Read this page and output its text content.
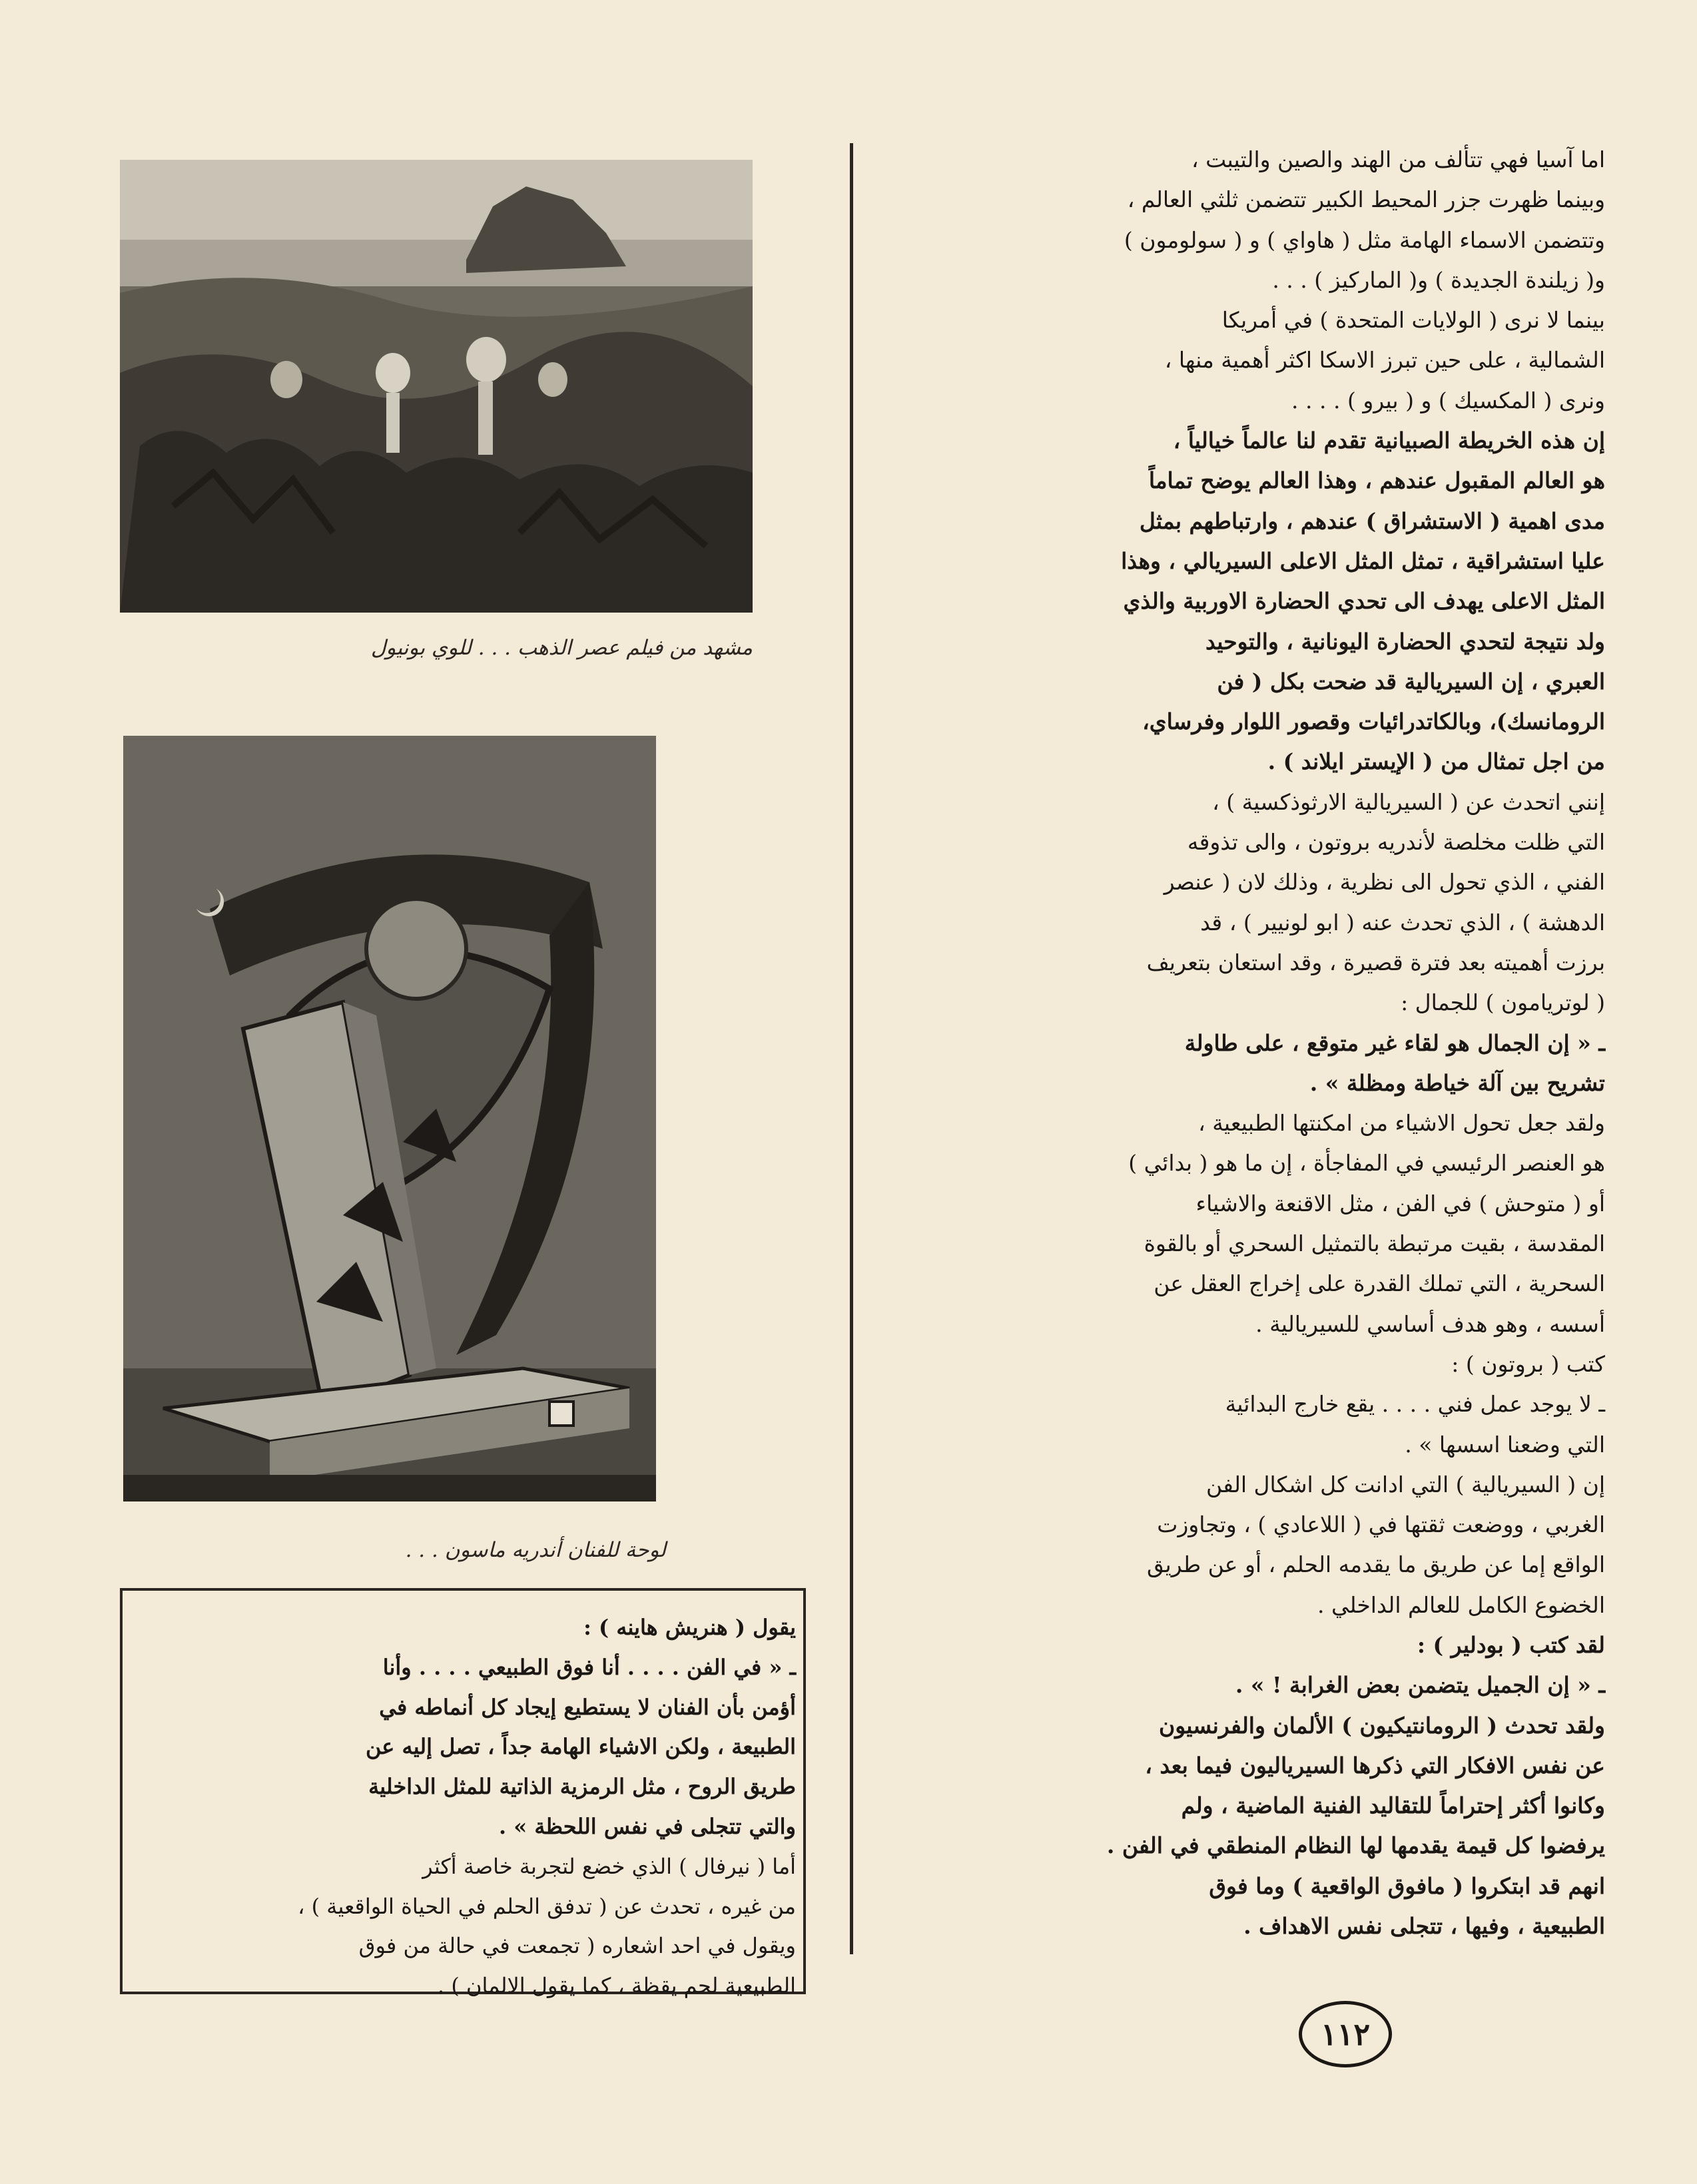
اما آسيا فهي تتألف من الهند والصين والتيبت ،

وبينما ظهرت جزر المحيط الكبير تتضمن ثلثي العالم ،

وتتضمن الاسماء الهامة مثل ( هاواي ) و ( سولومون )

و( زيلندة الجديدة ) و( الماركيز ) . . .

بينما لا نرى ( الولايات المتحدة ) في أمريكا

الشمالية ، على حين تبرز الاسكا اكثر أهمية منها ،

ونرى ( المكسيك ) و ( بيرو ) . . . .

إن هذه الخريطة الصبيانية تقدم لنا عالماً خيالياً ،

هو العالم المقبول عندهم ، وهذا العالم يوضح تماماً

مدى اهمية ( الاستشراق ) عندهم ، وارتباطهم بمثل

عليا استشراقية ، تمثل المثل الاعلى السيريالي ، وهذا

المثل الاعلى يهدف الى تحدي الحضارة الاوربية والذي

ولد نتيجة لتحدي الحضارة اليونانية ، والتوحيد

العبري ، إن السيريالية قد ضحت بكل ( فن

الرومانسك)، وبالكاتدرائيات وقصور اللوار وفرساي،

من اجل تمثال من ( الإيستر ايلاند ) .

إنني اتحدث عن ( السيريالية الارثوذكسية ) ،

التي ظلت مخلصة لأندريه بروتون ، والى تذوقه

الفني ، الذي تحول الى نظرية ، وذلك لان ( عنصر

الدهشة ) ، الذي تحدث عنه ( ابو لونيير ) ، قد

برزت أهميته بعد فترة قصيرة ، وقد استعان بتعريف

( لوتريامون ) للجمال :

ـ « إن الجمال هو لقاء غير متوقع ، على طاولة

تشريح بين آلة خياطة ومظلة » .

ولقد جعل تحول الاشياء من امكنتها الطبيعية ،

هو العنصر الرئيسي في المفاجأة ، إن ما هو ( بدائي )

أو ( متوحش ) في الفن ، مثل الاقنعة والاشياء

المقدسة ، بقيت مرتبطة بالتمثيل السحري أو بالقوة

السحرية ، التي تملك القدرة على إخراج العقل عن

أسسه ، وهو هدف أساسي للسيريالية .

كتب ( بروتون ) :

ـ لا يوجد عمل فني . . . . يقع خارج البدائية

التي وضعنا اسسها » .

إن ( السيريالية ) التي ادانت كل اشكال الفن

الغربي ، ووضعت ثقتها في ( اللاعادي ) ، وتجاوزت

الواقع إما عن طريق ما يقدمه الحلم ، أو عن طريق

الخضوع الكامل للعالم الداخلي .

لقد كتب ( بودلير ) :

ـ « إن الجميل يتضمن بعض الغرابة ! » .

ولقد تحدث ( الرومانتيكيون ) الألمان والفرنسيون

عن نفس الافكار التي ذكرها السيرياليون فيما بعد ،

وكانوا أكثر إحتراماً للتقاليد الفنية الماضية ، ولم

يرفضوا كل قيمة يقدمها لها النظام المنطقي في الفن .

انهم قد ابتكروا ( مافوق الواقعية ) وما فوق

الطبيعية ، وفيها ، تتجلى نفس الاهداف .

مشهد من فيلم عصر الذهب . . . للوي بونيول
لوحة للفنان أندريه ماسون . . .

يقول ( هنريش هاينه ) :

ـ « في الفن . . . . أنا فوق الطبيعي . . . . وأنا

أؤمن بأن الفنان لا يستطيع إيجاد كل أنماطه في

الطبيعة ، ولكن الاشياء الهامة جداً ، تصل إليه عن

طريق الروح ، مثل الرمزية الذاتية للمثل الداخلية

والتي تتجلى في نفس اللحظة » .

أما ( نيرفال ) الذي خضع لتجربة خاصة أكثر

من غيره ، تحدث عن ( تدفق الحلم في الحياة الواقعية ) ،

ويقول في احد اشعاره ( تجمعت في حالة من فوق

الطبيعية لحم يقظة ، كما يقول الالمان ) .

١١٢
